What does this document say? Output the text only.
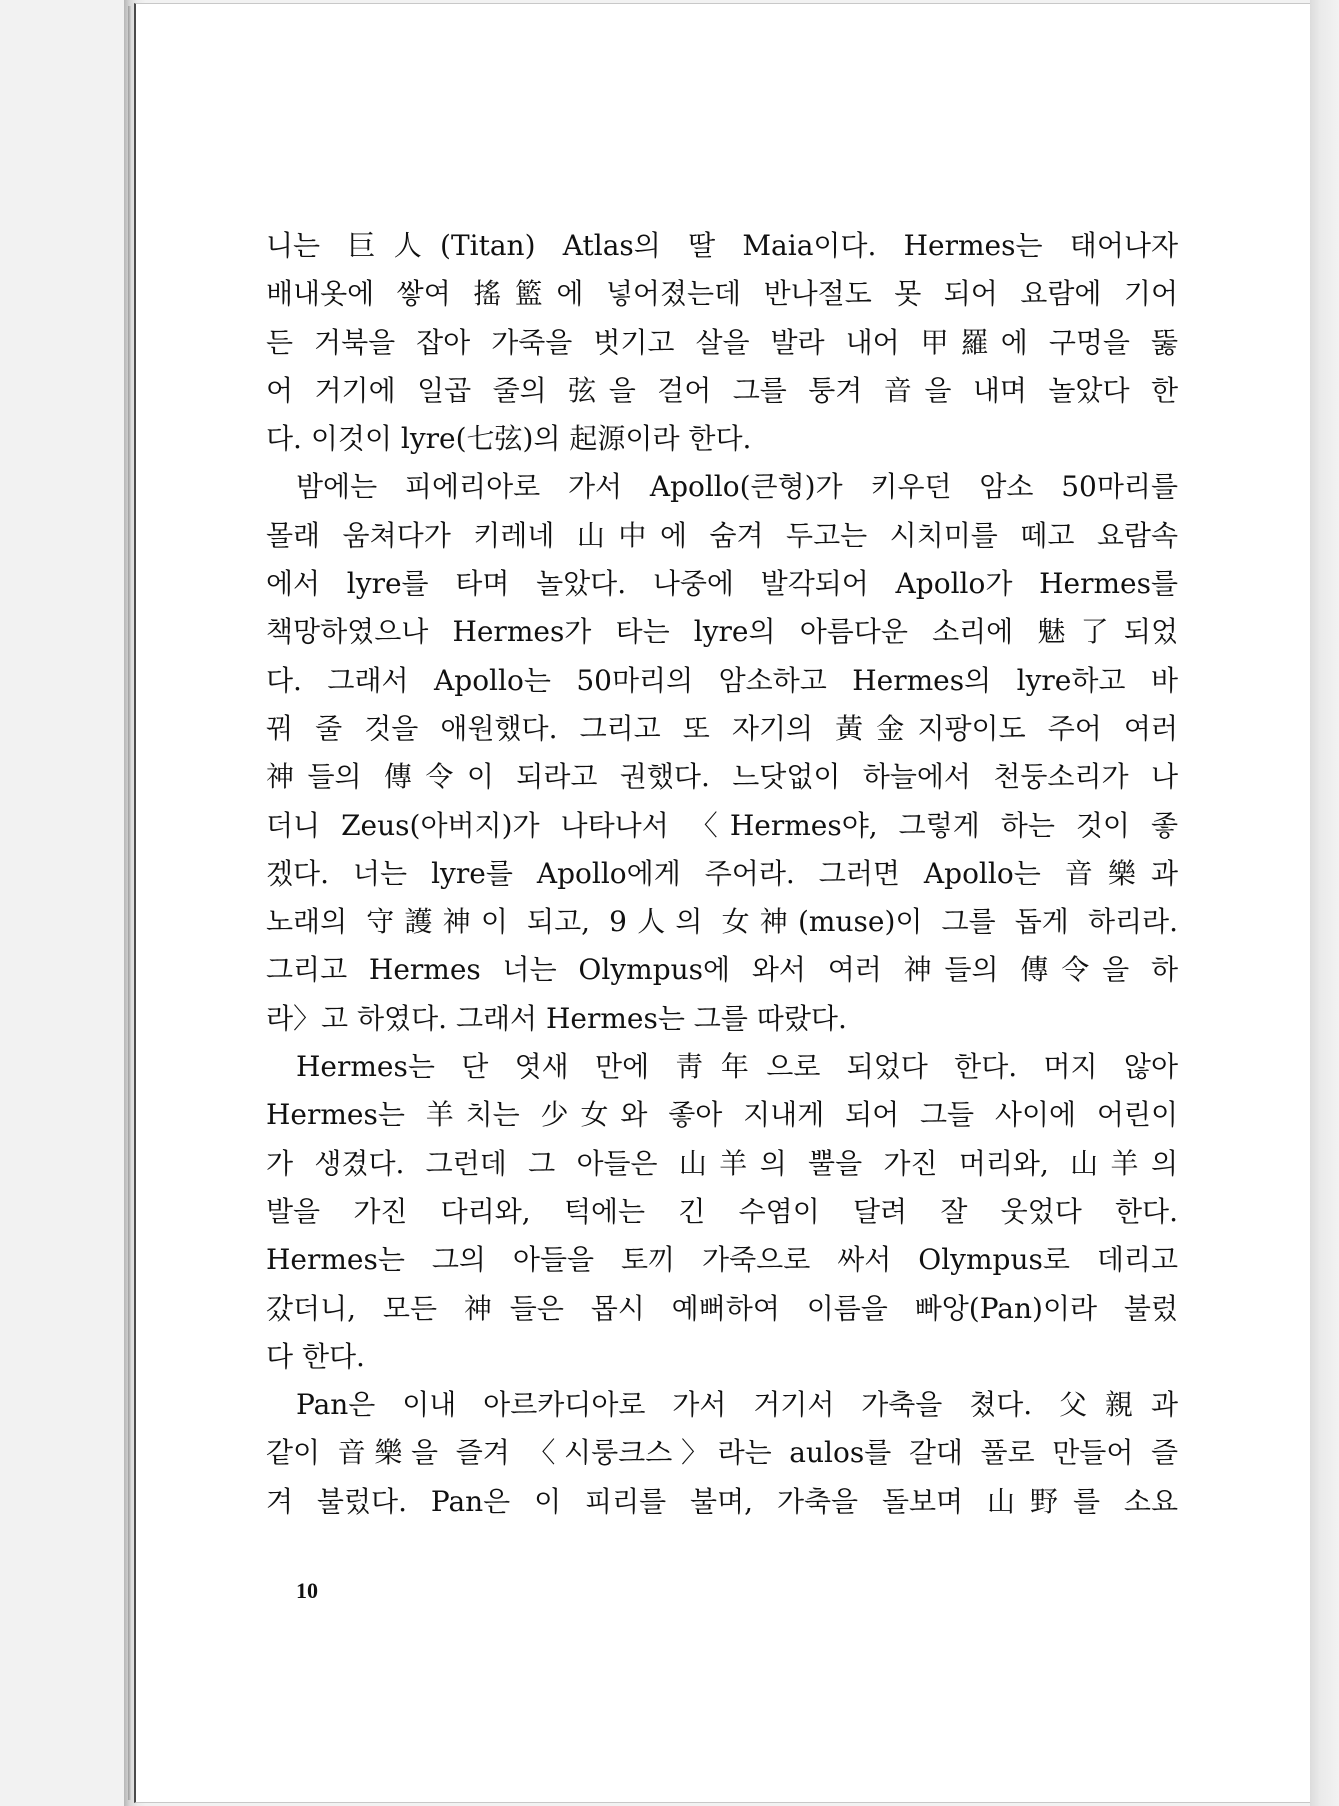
니는 巨人(Titan) Atlas의 딸 Maia이다. Hermes는 태어나자
배내옷에 쌓여 搖籃에 넣어졌는데 반나절도 못 되어 요람에 기어
든 거북을 잡아 가죽을 벗기고 살을 발라 내어 甲羅에 구멍을 뚫
어 거기에 일곱 줄의 弦을 걸어 그를 퉁겨 音을 내며 놀았다 한
다. 이것이 lyre(七弦)의 起源이라 한다.
밤에는 피에리아로 가서 Apollo(큰형)가 키우던 암소 50마리를
몰래 움쳐다가 키레네 山中에 숨겨 두고는 시치미를 떼고 요람속
에서 lyre를 타며 놀았다. 나중에 발각되어 Apollo가 Hermes를
책망하였으나 Hermes가 타는 lyre의 아름다운 소리에 魅了되었
다. 그래서 Apollo는 50마리의 암소하고 Hermes의 lyre하고 바
꿔 줄 것을 애원했다. 그리고 또 자기의 黃金지팡이도 주어 여러
神들의 傳令이 되라고 권했다. 느닷없이 하늘에서 천둥소리가 나
더니 Zeus(아버지)가 나타나서 〈Hermes야, 그렇게 하는 것이 좋
겠다. 너는 lyre를 Apollo에게 주어라. 그러면 Apollo는 音樂과
노래의 守護神이 되고, 9人의 女神(muse)이 그를 돕게 하리라.
그리고 Hermes 너는 Olympus에 와서 여러 神들의 傳令을 하
라〉고 하였다. 그래서 Hermes는 그를 따랐다.
Hermes는 단 엿새 만에 靑年으로 되었다 한다. 머지 않아
Hermes는 羊치는 少女와 좋아 지내게 되어 그들 사이에 어린이
가 생겼다. 그런데 그 아들은 山羊의 뿔을 가진 머리와, 山羊의
발을 가진 다리와, 턱에는 긴 수염이 달려 잘 웃었다 한다.
Hermes는 그의 아들을 토끼 가죽으로 싸서 Olympus로 데리고
갔더니, 모든 神들은 몹시 예뻐하여 이름을 빠앙(Pan)이라 불렀
다 한다.
Pan은 이내 아르카디아로 가서 거기서 가축을 쳤다. 父親과
같이 音樂을 즐겨 〈시룽크스〉라는 aulos를 갈대 풀로 만들어 즐
겨 불렀다. Pan은 이 피리를 불며, 가축을 돌보며 山野를 소요
10
